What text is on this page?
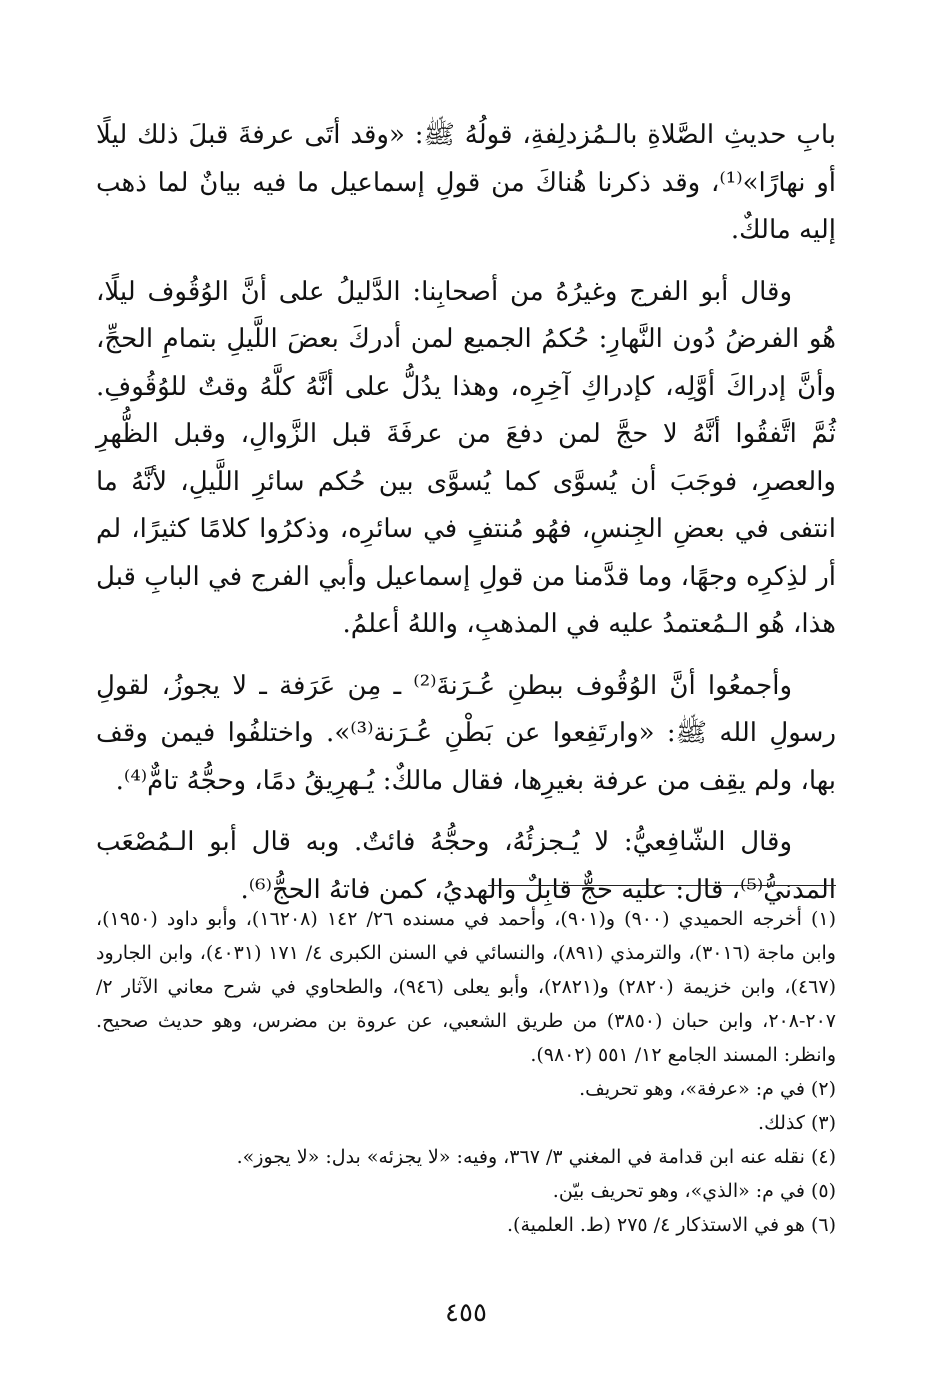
بابِ حديثِ الصَّلاةِ بالـمُزدلِفةِ، قولُهُ ﷺ: «وقد أتَى عرفةَ قبلَ ذلك ليلًا أو نهارًا»⁽¹⁾، وقد ذكرنا هُناكَ من قولِ إسماعيل ما فيه بيانٌ لما ذهب إليه مالكٌ.

وقال أبو الفرج وغيرُهُ من أصحابِنا: الدَّليلُ على أنَّ الوُقُوف ليلًا، هُو الفرضُ دُون النَّهارِ: حُكمُ الجميع لمن أدركَ بعضَ اللَّيلِ بتمامِ الحجِّ، وأنَّ إدراكَ أوَّلِه، كإدراكِ آخِرِه، وهذا يدُلُّ على أنَّهُ كلَّهُ وقتٌ للوُقُوفِ. ثُمَّ اتَّفقُوا أنَّهُ لا حجَّ لمن دفعَ من عرفَةَ قبل الزَّوالِ، وقبل الظُّهرِ والعصرِ، فوجَبَ أن يُسوَّى كما يُسوَّى بين حُكم سائرِ اللَّيلِ، لأنَّهُ ما انتفى في بعضِ الجِنسِ، فهُو مُنتفٍ في سائرِه، وذكرُوا كلامًا كثيرًا، لم أر لذِكرِه وجهًا، وما قدَّمنا من قولِ إسماعيل وأبي الفرج في البابِ قبل هذا، هُو الـمُعتمدُ عليه في المذهبِ، واللهُ أعلمُ.

وأجمعُوا أنَّ الوُقُوف ببطنِ عُـرَنةَ⁽²⁾ ـ مِن عَرَفة ـ لا يجوزُ، لقولِ رسولِ الله ﷺ: «وارتَفِعوا عن بَطْنِ عُـرَنة⁽³⁾». واختلفُوا فيمن وقف بها، ولم يقِف من عرفة بغيرِها، فقال مالكٌ: يُـهرِيقُ دمًا، وحجُّهُ تامٌّ⁽⁴⁾.

وقال الشّافِعيُّ: لا يُـجزئُهُ، وحجُّهُ فائتٌ. وبه قال أبو الـمُصْعَب المدنيُّ⁽⁵⁾، قال: عليه حجٌّ قابِلٌ والهديُ، كمن فاتهُ الحجُّ⁽⁶⁾.

(١) أخرجه الحميدي (٩٠٠) و(٩٠١)، وأحمد في مسنده ٢٦/ ١٤٢ (١٦٢٠٨)، وأبو داود (١٩٥٠)، وابن ماجة (٣٠١٦)، والترمذي (٨٩١)، والنسائي في السنن الكبرى ٤/ ١٧١ (٤٠٣١)، وابن الجارود (٤٦٧)، وابن خزيمة (٢٨٢٠) و(٢٨٢١)، وأبو يعلى (٩٤٦)، والطحاوي في شرح معاني الآثار ٢/ ٢٠٧-٢٠٨، وابن حبان (٣٨٥٠) من طريق الشعبي، عن عروة بن مضرس، وهو حديث صحيح. وانظر: المسند الجامع ١٢/ ٥٥١ (٩٨٠٢).

(٢) في م: «عرفة»، وهو تحريف.

(٣) كذلك.

(٤) نقله عنه ابن قدامة في المغني ٣/ ٣٦٧، وفيه: «لا يجزئه» بدل: «لا يجوز».

(٥) في م: «الذي»، وهو تحريف بيّن.

(٦) هو في الاستذكار ٤/ ٢٧٥ (ط. العلمية).

٤٥٥
